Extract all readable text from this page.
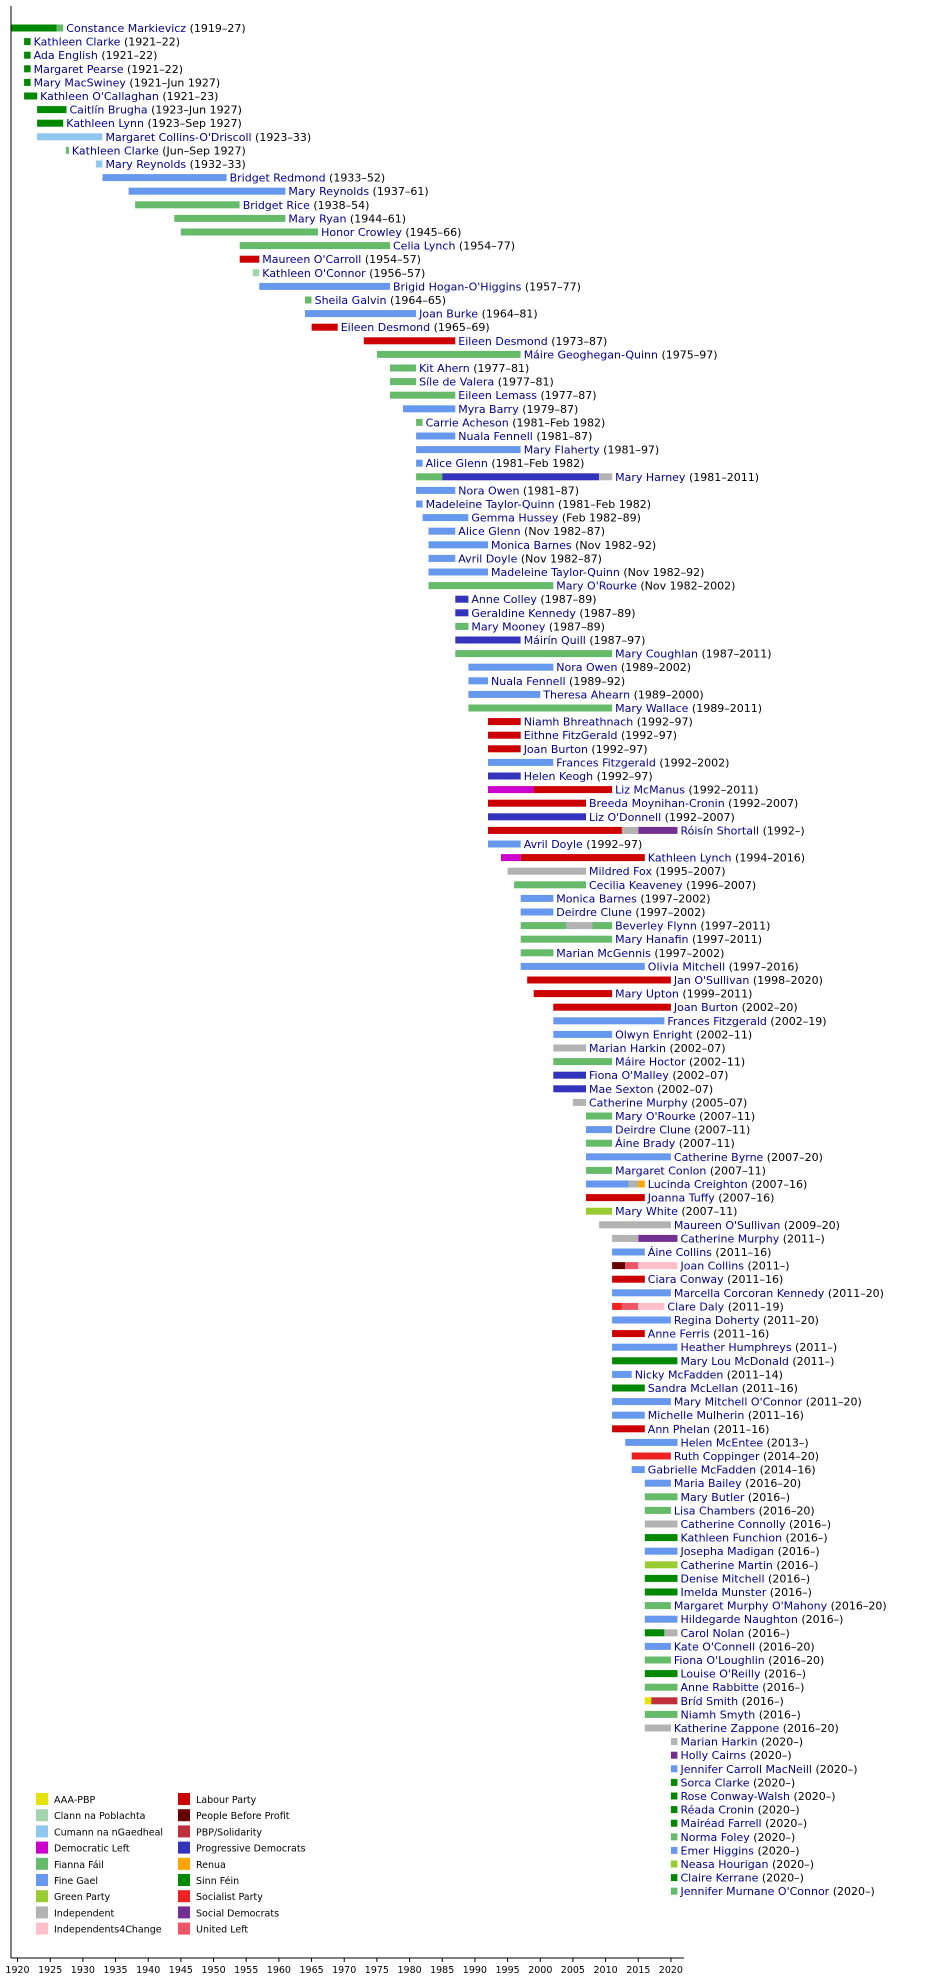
Constance Markievicz (1919–27)
Kathleen Clarke (1921–22)
Ada English (1921–22)
Margaret Pearse (1921–22)
Mary MacSwiney (1921–Jun 1927)
Kathleen O'Callaghan (1921–23)
Caitlín Brugha (1923–Jun 1927)
Kathleen Lynn (1923–Sep 1927)
Margaret Collins-O'Driscoll (1923–33)
Kathleen Clarke (Jun–Sep 1927)
Mary Reynolds (1932–33)
Bridget Redmond (1933–52)
Mary Reynolds (1937–61)
Bridget Rice (1938–54)
Mary Ryan (1944–61)
Honor Crowley (1945–66)
Celia Lynch (1954–77)
Maureen O'Carroll (1954–57)
Kathleen O'Connor (1956–57)
Brigid Hogan-O'Higgins (1957–77)
Sheila Galvin (1964–65)
Joan Burke (1964–81)
Eileen Desmond (1965–69)
Eileen Desmond (1973–87)
Máire Geoghegan-Quinn (1975–97)
Kit Ahern (1977–81)
Síle de Valera (1977–81)
Eileen Lemass (1977–87)
Myra Barry (1979–87)
Carrie Acheson (1981–Feb 1982)
Nuala Fennell (1981–87)
Mary Flaherty (1981–97)
Alice Glenn (1981–Feb 1982)
Mary Harney (1981–2011)
Nora Owen (1981–87)
Madeleine Taylor-Quinn (1981–Feb 1982)
Gemma Hussey (Feb 1982–89)
Alice Glenn (Nov 1982–87)
Monica Barnes (Nov 1982–92)
Avril Doyle (Nov 1982–87)
Madeleine Taylor-Quinn (Nov 1982–92)
Mary O'Rourke (Nov 1982–2002)
Anne Colley (1987–89)
Geraldine Kennedy (1987–89)
Mary Mooney (1987–89)
Máirín Quill (1987–97)
Mary Coughlan (1987–2011)
Nora Owen (1989–2002)
Nuala Fennell (1989–92)
Theresa Ahearn (1989–2000)
Mary Wallace (1989–2011)
Niamh Bhreathnach (1992–97)
Eithne FitzGerald (1992–97)
Joan Burton (1992–97)
Frances Fitzgerald (1992–2002)
Helen Keogh (1992–97)
Liz McManus (1992–2011)
Breeda Moynihan-Cronin (1992–2007)
Liz O'Donnell (1992–2007)
Róisín Shortall (1992–)
Avril Doyle (1992–97)
Kathleen Lynch (1994–2016)
Mildred Fox (1995–2007)
Cecilia Keaveney (1996–2007)
Monica Barnes (1997–2002)
Deirdre Clune (1997–2002)
Beverley Flynn (1997–2011)
Mary Hanafin (1997–2011)
Marian McGennis (1997–2002)
Olivia Mitchell (1997–2016)
Jan O'Sullivan (1998–2020)
Mary Upton (1999–2011)
Joan Burton (2002–20)
Frances Fitzgerald (2002–19)
Olwyn Enright (2002–11)
Marian Harkin (2002–07)
Máire Hoctor (2002–11)
Fiona O'Malley (2002–07)
Mae Sexton (2002–07)
Catherine Murphy (2005–07)
Mary O'Rourke (2007–11)
Deirdre Clune (2007–11)
Áine Brady (2007–11)
Catherine Byrne (2007–20)
Margaret Conlon (2007–11)
Lucinda Creighton (2007–16)
Joanna Tuffy (2007–16)
Mary White (2007–11)
Maureen O'Sullivan (2009–20)
Catherine Murphy (2011–)
Áine Collins (2011–16)
Joan Collins (2011–)
Ciara Conway (2011–16)
Marcella Corcoran Kennedy (2011–20)
Clare Daly (2011–19)
Regina Doherty (2011–20)
Anne Ferris (2011–16)
Heather Humphreys (2011–)
Mary Lou McDonald (2011–)
Nicky McFadden (2011–14)
Sandra McLellan (2011–16)
Mary Mitchell O'Connor (2011–20)
Michelle Mulherin (2011–16)
Ann Phelan (2011–16)
Helen McEntee (2013–)
Ruth Coppinger (2014–20)
Gabrielle McFadden (2014–16)
Maria Bailey (2016–20)
Mary Butler (2016–)
Lisa Chambers (2016–20)
Catherine Connolly (2016–)
Kathleen Funchion (2016–)
Josepha Madigan (2016–)
Catherine Martin (2016–)
Denise Mitchell (2016–)
Imelda Munster (2016–)
Margaret Murphy O'Mahony (2016–20)
Hildegarde Naughton (2016–)
Carol Nolan (2016–)
Kate O'Connell (2016–20)
Fiona O'Loughlin (2016–20)
Louise O'Reilly (2016–)
Anne Rabbitte (2016–)
Bríd Smith (2016–)
Niamh Smyth (2016–)
Katherine Zappone (2016–20)
Marian Harkin (2020–)
Holly Cairns (2020–)
Jennifer Carroll MacNeill (2020–)
Sorca Clarke (2020–)
Rose Conway-Walsh (2020–)
Réada Cronin (2020–)
Mairéad Farrell (2020–)
Norma Foley (2020–)
Emer Higgins (2020–)
Neasa Hourigan (2020–)
Claire Kerrane (2020–)
Jennifer Murnane O'Connor (2020–)
1920 1925 1930 1935 1940 1945 1950 1955 1960 1965 1970 1975 1980 1985 1990 1995 2000 2005 2010 2015 2020
AAA-PBP
Clann na Poblachta
Cumann na nGaedheal
Democratic Left
Fianna Fáil
Fine Gael
Green Party
Independent
Independents4Change
Labour Party
People Before Profit
PBP/Solidarity
Progressive Democrats
Renua
Sinn Féin
Socialist Party
Social Democrats
United Left
